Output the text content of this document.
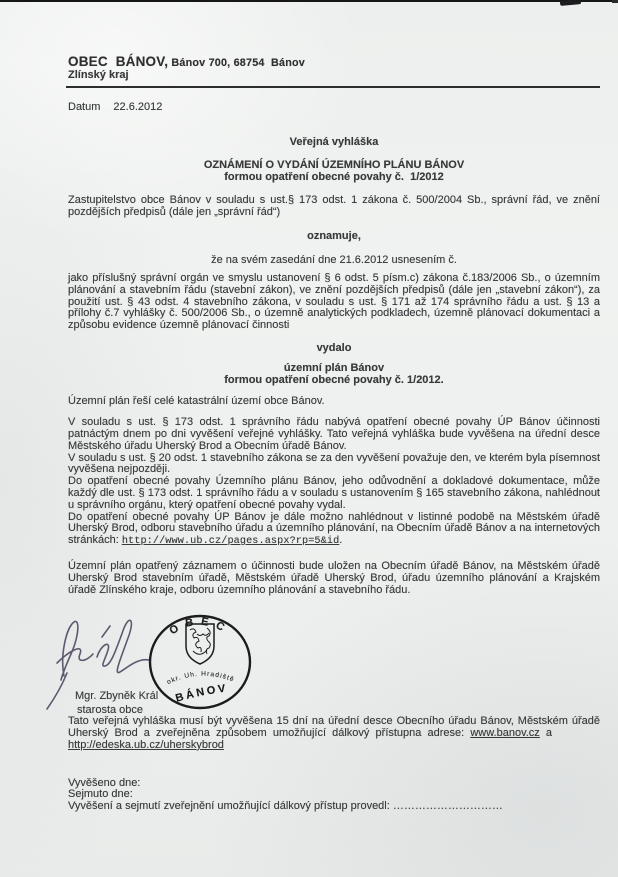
OBEC  BÁNOV, Bánov 700, 68754  Bánov
Zlínský kraj
Datum 22.6.2012
Veřejná vyhláška
OZNÁMENÍ O VYDÁNÍ ÚZEMNÍHO PLÁNU BÁNOV
formou opatření obecné povahy č.  1/2012
Zastupitelstvo obce Bánov v souladu s ust.§ 173 odst. 1 zákona č. 500/2004 Sb., správní řád, ve znění pozdějších předpisů (dále jen „správní řád“)
oznamuje,
že na svém zasedání dne 21.6.2012 usnesením č.
jako příslušný správní orgán ve smyslu ustanovení § 6 odst. 5 písm.c) zákona č.183/2006 Sb., o územním plánování a stavebním řádu (stavební zákon), ve znění pozdějších předpisů (dále jen „stavební zákon“), za použití ust. § 43 odst. 4 stavebního zákona, v souladu s ust. § 171 až 174 správního řádu a ust. § 13 a přílohy č.7 vyhlášky č. 500/2006 Sb., o územně analytických podkladech, územně plánovací dokumentaci a způsobu evidence územně plánovací činnosti
vydalo
územní plán Bánov
formou opatření obecné povahy č. 1/2012.
Územní plán řeší celé katastrální území obce Bánov.
V souladu s ust. § 173 odst. 1 správního řádu nabývá opatření obecné povahy ÚP Bánov účinnosti patnáctým dnem po dni vyvěšení veřejné vyhlášky. Tato veřejná vyhláška bude vyvěšena na úřední desce Městského úřadu Uherský Brod a Obecním úřadě Bánov.
V souladu s ust. § 20 odst. 1 stavebního zákona se za den vyvěšení považuje den, ve kterém byla písemnost vyvěšena nejpozději.
Do opatření obecné povahy Územního plánu Bánov, jeho odůvodnění a dokladové dokumentace, může každý dle ust. § 173 odst. 1 správního řádu a v souladu s ustanovením § 165 stavebního zákona, nahlédnout u správního orgánu, který opatření obecné povahy vydal.
Do opatření obecné povahy ÚP Bánov je dále možno nahlédnout v listinné podobě na Městském úřadě Uherský Brod, odboru stavebního úřadu a územního plánování, na Obecním úřadě Bánov a na internetových stránkách: http://www.ub.cz/pages.aspx?rp=5&id.
Územní plán opatřený záznamem o účinnosti bude uložen na Obecním úřadě Bánov, na Městském úřadě Uherský Brod stavebním úřadě, Městském úřadě Uherský Brod, úřadu územního plánování a Krajském úřadě Zlínského kraje, odboru územního plánování a stavebního řádu.
Tato veřejná vyhláška musí být vyvěšena 15 dní na úřední desce Obecního úřadu Bánov, Městském úřadě Uherský  Brod  a  zveřejněna  způsobem  umožňující  dálkový  přístupna  adrese:  www.banov.cz  a
http://edeska.ub.cz/uherskybrod
Vyvěšeno dne:
Sejmuto dne:
Vyvěšení a sejmutí zveřejnění umožňující dálkový přístup provedl: …………………………
Mgr. Zbyněk Král
starosta obce
OBEC
okr. Uh. Hradiště
BÁNOV
